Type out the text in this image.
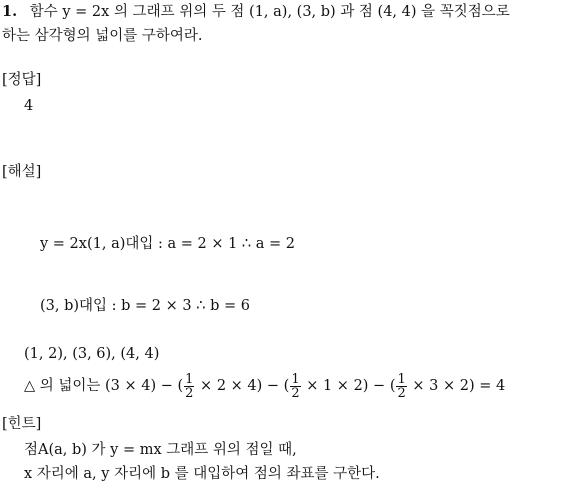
1. 함수 y = 2x 의 그래프 위의 두 점 (1, a), (3, b) 과 점 (4, 4) 을 꼭짓점으로
하는 삼각형의 넓이를 구하여라.
[정답]
4
[해설]
y = 2x(1, a)대입 : a = 2 × 1 ∴ a = 2
(3, b)대입 : b = 2 × 3 ∴ b = 6
(1, 2), (3, 6), (4, 4)
△ 의 넓이는 (3 × 4) − ( $\frac{1}{2} \times 2 \times 4$) − ( $\frac{1}{2} \times 1 \times 2$) − ( $\frac{1}{2} \times 3 \times 2) = 4$
[힌트]
점A(a, b) 가 y = mx 그래프 위의 점일 때,
x 자리에 a, y 자리에 b 를 대입하여 점의 좌표를 구한다.
